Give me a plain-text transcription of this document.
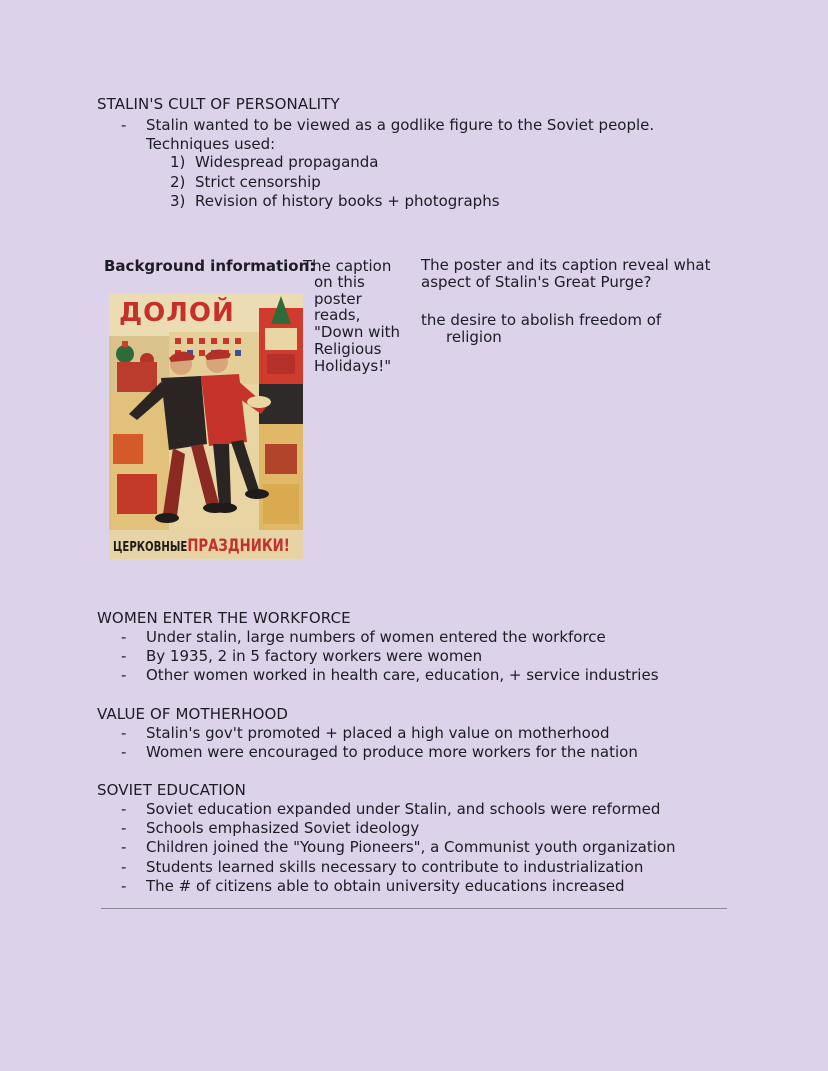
STALIN'S CULT OF PERSONALITY
- Stalin wanted to be viewed as a godlike figure to the Soviet people.
Techniques used:
1) Widespread propaganda
2) Strict censorship
3) Revision of history books + photographs
Background information:
The caption
on this
poster
reads,
"Down with
Religious
Holidays!"
ДОЛОЙ
ЦЕРКОВНЫЕПРАЗДНИКИ!
The poster and its caption reveal what
aspect of Stalin's Great Purge?
the desire to abolish freedom of
religion
WOMEN ENTER THE WORKFORCE
- Under stalin, large numbers of women entered the workforce
- By 1935, 2 in 5 factory workers were women
- Other women worked in health care, education, + service industries
VALUE OF MOTHERHOOD
- Stalin's gov't promoted + placed a high value on motherhood
- Women were encouraged to produce more workers for the nation
SOVIET EDUCATION
- Soviet education expanded under Stalin, and schools were reformed
- Schools emphasized Soviet ideology
- Children joined the "Young Pioneers", a Communist youth organization
- Students learned skills necessary to contribute to industrialization
- The # of citizens able to obtain university educations increased
